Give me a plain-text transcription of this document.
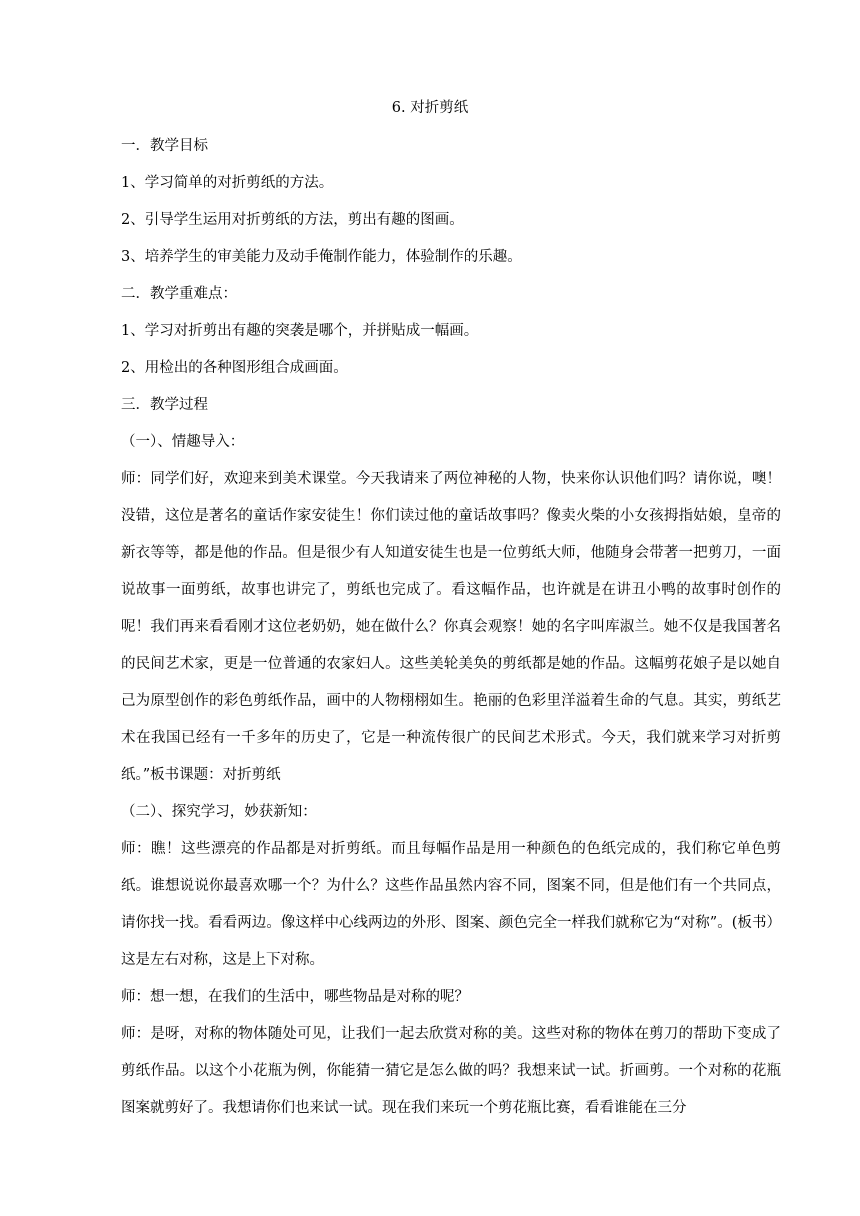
6. 对折剪纸

一．教学目标

1、学习简单的对折剪纸的方法。

2、引导学生运用对折剪纸的方法，剪出有趣的图画。

3、培养学生的审美能力及动手俺制作能力，体验制作的乐趣。

二．教学重难点：

1、学习对折剪出有趣的突袭是哪个，并拼贴成一幅画。

2、用检出的各种图形组合成画面。

三．教学过程

（一）、情趣导入：

师：同学们好，欢迎来到美术课堂。今天我请来了两位神秘的人物，快来你认识他们吗？请你说，噢！没错，这位是著名的童话作家安徒生！你们读过他的童话故事吗？像卖火柴的小女孩拇指姑娘，皇帝的新衣等等，都是他的作品。但是很少有人知道安徒生也是一位剪纸大师，他随身会带著一把剪刀，一面说故事一面剪纸，故事也讲完了，剪纸也完成了。看这幅作品，也许就是在讲丑小鸭的故事时创作的呢！我们再来看看刚才这位老奶奶，她在做什么？你真会观察！她的名字叫库淑兰。她不仅是我国著名的民间艺术家，更是一位普通的农家妇人。这些美轮美奂的剪纸都是她的作品。这幅剪花娘子是以她自己为原型创作的彩色剪纸作品，画中的人物栩栩如生。艳丽的色彩里洋溢着生命的气息。其实，剪纸艺术在我国已经有一千多年的历史了，它是一种流传很广的民间艺术形式。今天，我们就来学习对折剪纸。”板书课题：对折剪纸

（二）、探究学习，妙获新知：

师：瞧！这些漂亮的作品都是对折剪纸。而且每幅作品是用一种颜色的色纸完成的，我们称它单色剪纸。谁想说说你最喜欢哪一个？为什么？这些作品虽然内容不同，图案不同，但是他们有一个共同点，请你找一找。看看两边。像这样中心线两边的外形、图案、颜色完全一样我们就称它为“对称”。(板书）这是左右对称，这是上下对称。

师：想一想，在我们的生活中，哪些物品是对称的呢？

师：是呀，对称的物体随处可见，让我们一起去欣赏对称的美。这些对称的物体在剪刀的帮助下变成了剪纸作品。以这个小花瓶为例，你能猜一猜它是怎么做的吗？我想来试一试。折画剪。一个对称的花瓶图案就剪好了。我想请你们也来试一试。现在我们来玩一个剪花瓶比赛，看看谁能在三分
